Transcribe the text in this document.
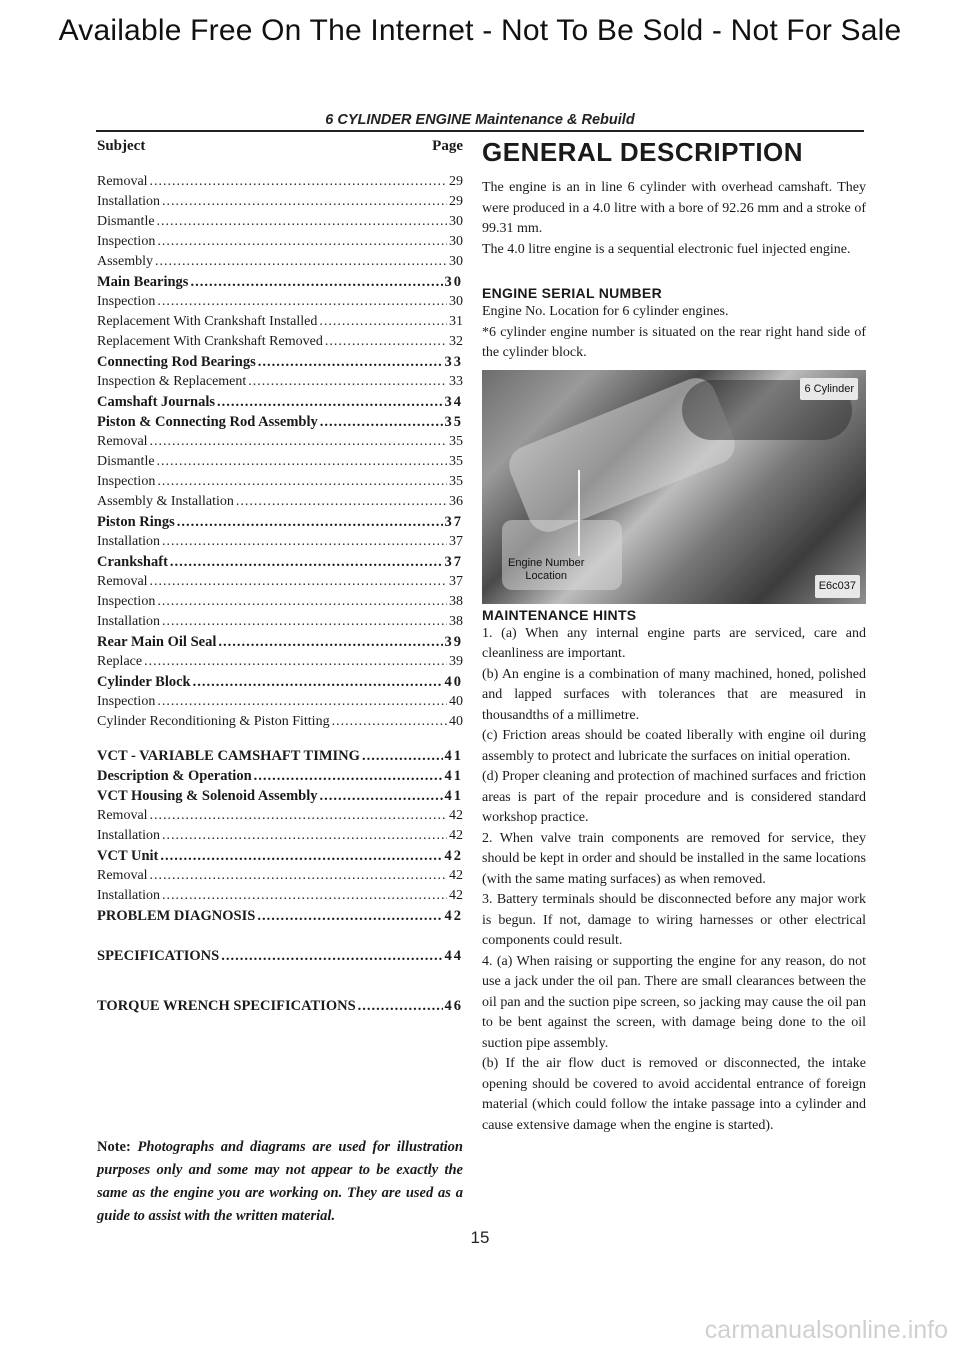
Available Free On The Internet - Not To Be Sold - Not For Sale
6 CYLINDER ENGINE Maintenance & Rebuild
Subject	Page
Removal .....	29
Installation .....	29
Dismantle .....	30
Inspection .....	30
Assembly .....	30
Main Bearings .....	30
Inspection .....	30
Replacement With Crankshaft Installed .....	31
Replacement With Crankshaft Removed .....	32
Connecting Rod Bearings .....	33
Inspection & Replacement .....	33
Camshaft Journals .....	34
Piston & Connecting Rod Assembly .....	35
Removal .....	35
Dismantle .....	35
Inspection .....	35
Assembly & Installation .....	36
Piston Rings .....	37
Installation .....	37
Crankshaft .....	37
Removal .....	37
Inspection .....	38
Installation .....	38
Rear Main Oil Seal .....	39
Replace .....	39
Cylinder Block .....	40
Inspection .....	40
Cylinder Reconditioning & Piston Fitting .....	40
VCT - VARIABLE CAMSHAFT TIMING .....	41
Description & Operation .....	41
VCT Housing & Solenoid Assembly .....	41
Removal .....	42
Installation .....	42
VCT Unit .....	42
Removal .....	42
Installation .....	42
PROBLEM DIAGNOSIS .....	42
SPECIFICATIONS .....	44
TORQUE WRENCH SPECIFICATIONS .....	46
Note: Photographs and diagrams are used for illustration purposes only and some may not appear to be exactly the same as the engine you are working on. They are used as a guide to assist with the written material.
GENERAL DESCRIPTION

The engine is an in line 6 cylinder with overhead camshaft. They were produced in a 4.0 litre with a bore of 92.26 mm and a stroke of 99.31 mm.

The 4.0 litre engine is a sequential electronic fuel injected engine.

ENGINE SERIAL NUMBER

Engine No. Location for 6 cylinder engines.

*6 cylinder engine number is situated on the rear right hand side of the cylinder block.

6 Cylinder
Engine Number
Location
E6c037
MAINTENANCE HINTS

1. (a) When any internal engine parts are serviced, care and cleanliness are important.

(b) An engine is a combination of many machined, honed, polished and lapped surfaces with tolerances that are measured in thousandths of a millimetre.

(c) Friction areas should be coated liberally with engine oil during assembly to protect and lubricate the surfaces on initial operation.

(d) Proper cleaning and protection of machined surfaces and friction areas is part of the repair procedure and is considered standard workshop practice.

2. When valve train components are removed for service, they should be kept in order and should be installed in the same locations (with the same mating surfaces) as when removed.

3. Battery terminals should be disconnected before any major work is begun. If not, damage to wiring harnesses or other electrical components could result.

4. (a) When raising or supporting the engine for any reason, do not use a jack under the oil pan. There are small clearances between the oil pan and the suction pipe screen, so jacking may cause the oil pan to be bent against the screen, with damage being done to the oil suction pipe assembly.

(b) If the air flow duct is removed or disconnected, the intake opening should be covered to avoid accidental entrance of foreign material (which could follow the intake passage into a cylinder and cause extensive damage when the engine is started).

15
carmanualsonline.info
